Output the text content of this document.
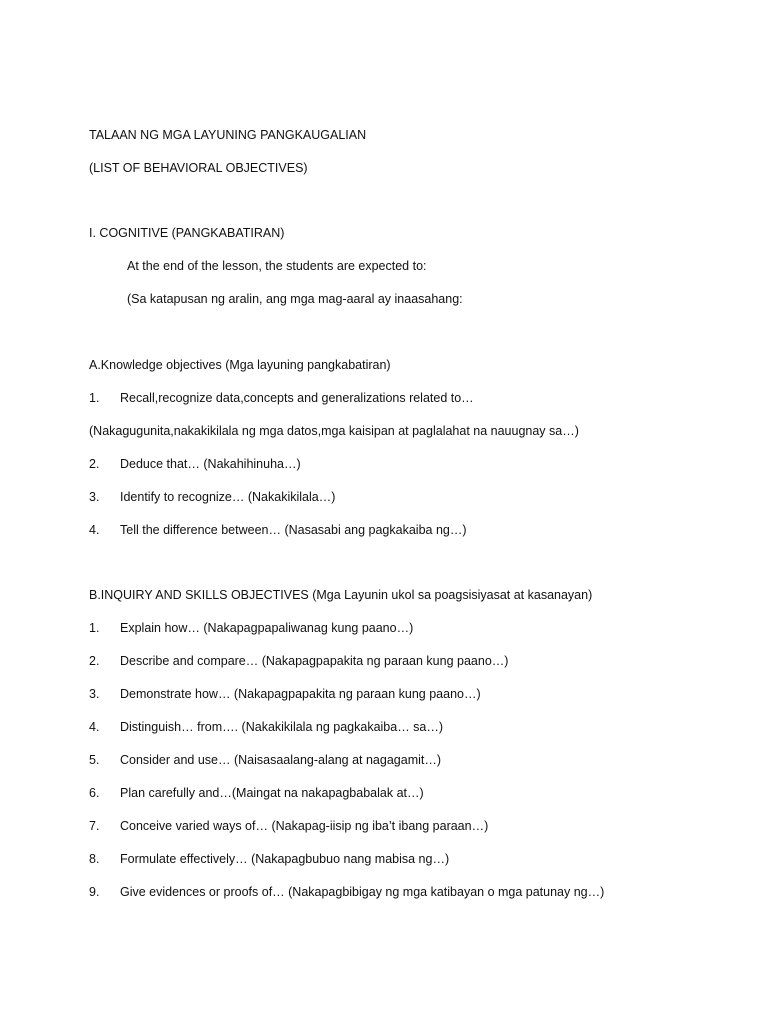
TALAAN NG MGA LAYUNING PANGKAUGALIAN
(LIST OF BEHAVIORAL OBJECTIVES)
I. COGNITIVE (PANGKABATIRAN)
At the end of the lesson, the students are expected to:
(Sa katapusan ng aralin, ang mga mag-aaral ay inaasahang:
A.Knowledge objectives (Mga layuning pangkabatiran)
1. Recall,recognize data,concepts and generalizations related to…
(Nakagugunita,nakakikilala ng mga datos,mga kaisipan at paglalahat na nauugnay sa…)
2. Deduce that… (Nakahihinuha…)
3. Identify to recognize… (Nakakikilala…)
4. Tell the difference between… (Nasasabi ang pagkakaiba ng…)
B.INQUIRY AND SKILLS OBJECTIVES (Mga Layunin ukol sa poagsisiyasat at kasanayan)
1. Explain how… (Nakapagpapaliwanag kung paano…)
2. Describe and compare… (Nakapagpapakita ng paraan kung paano…)
3. Demonstrate how… (Nakapagpapakita ng paraan kung paano…)
4. Distinguish… from…. (Nakakikilala ng pagkakaiba… sa…)
5. Consider and use… (Naisasaalang-alang at nagagamit…)
6. Plan carefully and…(Maingat na nakapagbabalak at…)
7. Conceive varied ways of… (Nakapag-iisip ng iba’t ibang paraan…)
8. Formulate effectively… (Nakapagbubuo nang mabisa ng…)
9. Give evidences or proofs of… (Nakapagbibigay ng mga katibayan o mga patunay ng…)
